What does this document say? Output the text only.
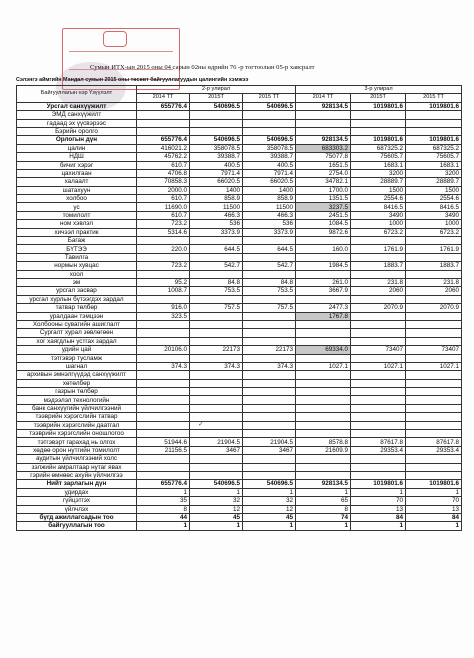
Сумын ИТХ-ын 2015 оны 04 сарын 02ны өдрийн 76 -р тогтоолын 05-р хавсралт
Сэлэнгэ аймгийн Мандал сумын 2015 оны төсөвт байгууллагуудын цалингийн хэмжээ
Байгууллагын нэр Үзүүлэлт	2-р улирал			3-р улирал		
	2014 ТТ	2015Т	2015 ТТ	2014 ТТ	2015Т	2015 ТТ
Урсгал санхүүжилт	655776.4	540696.5	540696.5	928134.5	1019801.6	1019801.6
ЭМД санхүүжилт						
гадаад эх үүсвэрээс						
Бэрийн оролго						
Орлогын дүн	655776.4	540696.5	540696.5	928134.5	1019801.6	1019801.6
цалин	416021.2	358078.5	358078.5	683303.2	687325.2	687325.2
НДШ	45762.2	39388.7	39388.7	75077.8	75605.7	75605.7
бичиг хэрэг	610.7	400.5	400.5	1651.5	1683.1	1683.1
цахилгаан	4706.8	7971.4	7971.4	2754.0	3200	3200
халаалт	70858.3	66020.5	66020.5	34782.1	28889.7	28889.7
шатахуун	2000.0	1400	1400	1700.0	1500	1500
холбоо	610.7	858.9	858.9	1351.5	2554.6	2554.6
ус	11690.0	11500	11500	3237.5	8416.5	8416.5
томилолт	610.7	466.3	466.3	2451.5	3490	3490
ном хэвлэл	723.2	536	536	1084.5	1000	1000
хичээл практик	5314.6	3373.9	3373.9	9872.6	6723.2	6723.2
Багаж						
БҮТЭЭ	220.0	644.5	644.5	160.0	1761.9	1761.9
Тавилга						
нормын хувцас	723.2	542.7	542.7	1984.5	1883.7	1883.7
хоол						
эм	95.2	84.8	84.8	261.0	231.8	231.8
урсгал засвар	1008.7	753.5	753.5	3667.9	2060	2060
урсгал хурлын бүтээгдэх зардал						
татвар төлбөр	916.0	757.5	757.5	2477.3	2070.9	2070.9
уралдаан тэмцээн	323.5			1767.8		
Холбооны сувагийн ашиглалт						
Сургалт хурал зөвлөгөөн						
хог хаягдлын устгах зардал						
удийн цай	20106.0	22173	22173	69334.0	73407	73407
тэтгэвэр тусламж						
шагнал	374.3	374.3	374.3	1027.1	1027.1	1027.1
архивын эмнэлгүүдэд санхүүжилт						
хөтөлбөр						
газрын төлбөр						
мэдээлэл технологийн						
банк санхүүгийн үйлчилгээний						
тээврийн хэрэгслийн татвар						
тээврийн хэрэгслийн даатгал						
тээврийн хэрэгслийн оношлогоо						
тэтгэвэрт гарахад нь олгох	51944.6	21904.5	21904.5	8578.8	87617.8	87617.8
хөдөө орон нутгийн томилолт	21156.5	3467	3467	21609.9	29353.4	29353.4
аудитын үйлчилгээний холс						
зэлжийн амралтаар нутаг явах						
гэрийн өмнөөс ахуйн үйлчилгээ						
Нийт зарлагын дүн	655776.4	540696.5	540696.5	928134.5	1019801.6	1019801.6
удирдах	1	1	1	1	1	1
гүйцэтгэх	35	32	32	65	70	70
үйлчлэх	8	12	12	8	13	13
бүгд ажиллагсадын тоо	44	45	45	74	84	84
байгууллагын тоо	1	1	1	1	1	1
✓
